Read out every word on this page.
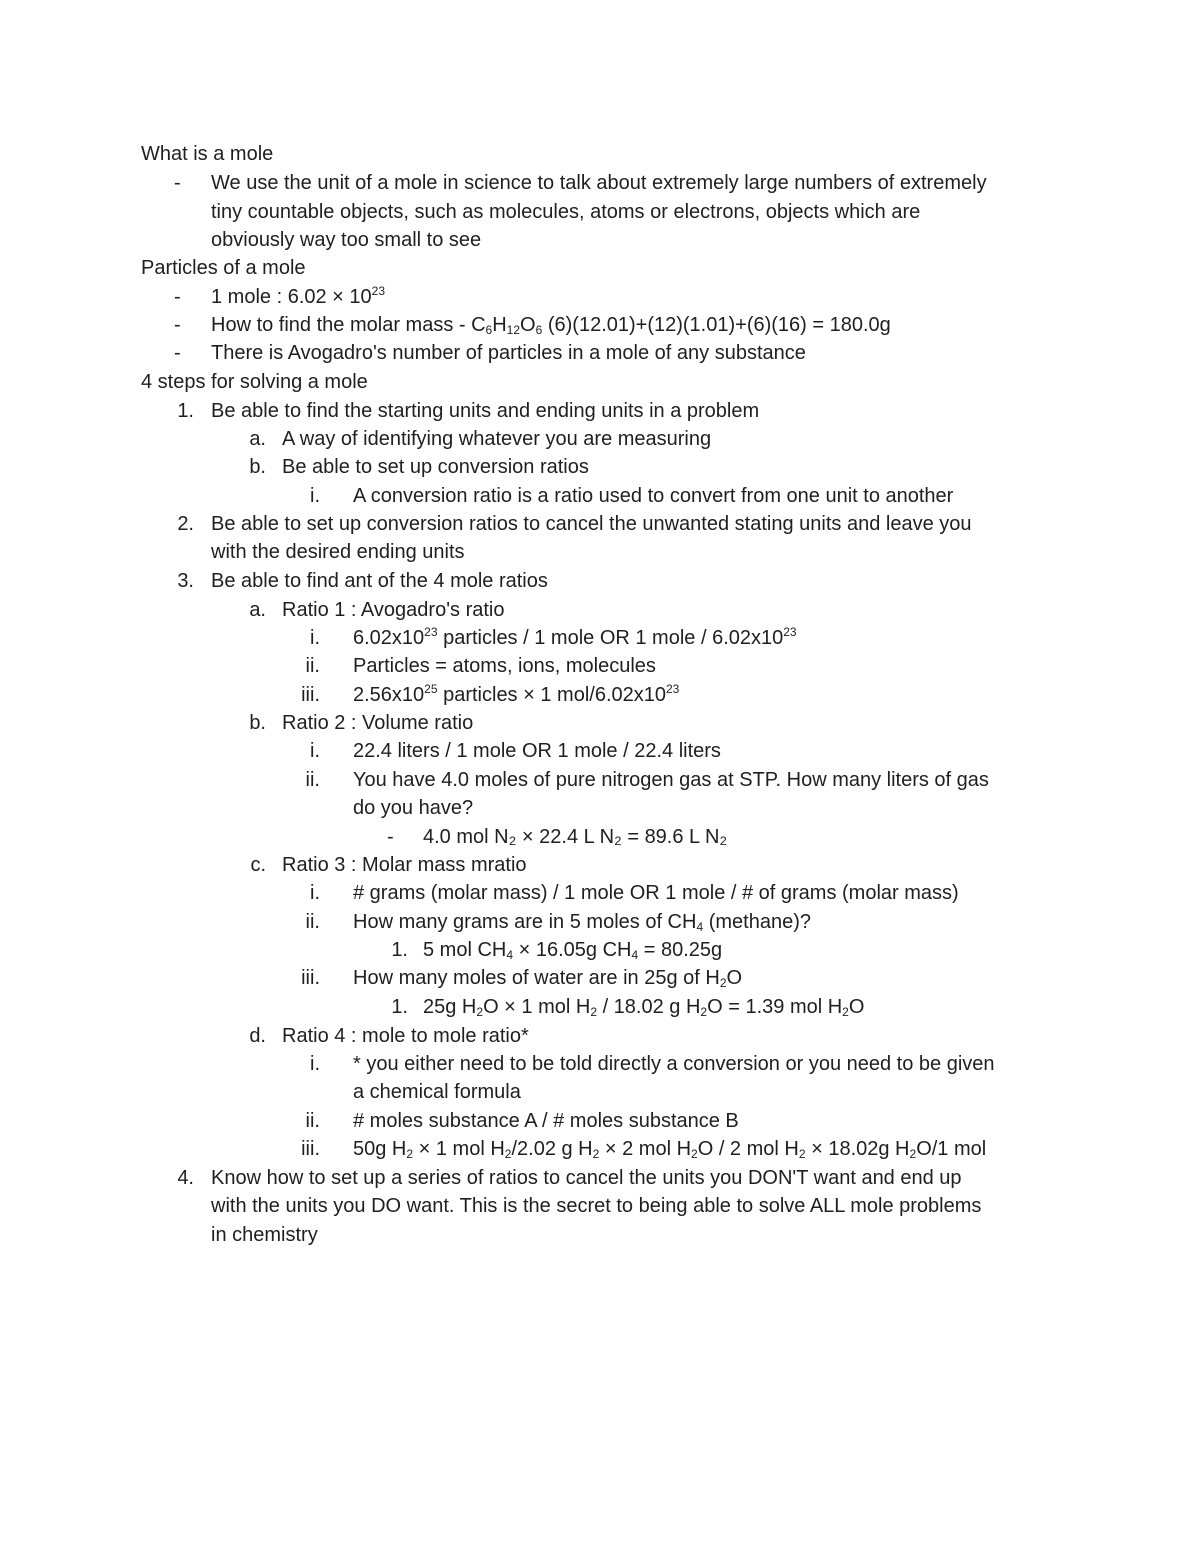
What is a mole
- We use the unit of a mole in science to talk about extremely large numbers of extremely
tiny countable objects, such as molecules, atoms or electrons, objects which are
obviously way too small to see
Particles of a mole
- 1 mole : $6.02 \times 10^{23}$
- How to find the molar mass - $C_6H_{12}O_6$ (6)(12.01)+(12)(1.01)+(6)(16) = 180.0g
- There is Avogadro's number of particles in a mole of any substance
4 steps for solving a mole
1. Be able to find the starting units and ending units in a problem
a. A way of identifying whatever you are measuring
b. Be able to set up conversion ratios
i. A conversion ratio is a ratio used to convert from one unit to another
2. Be able to set up conversion ratios to cancel the unwanted stating units and leave you
with the desired ending units
3. Be able to find ant of the 4 mole ratios
a. Ratio 1 : Avogadro's ratio
i. $6.02x10^{23}$ particles / 1 mole OR 1 mole / $6.02x10^{23}$
ii. Particles = atoms, ions, molecules
iii. $2.56x10^{25}$ particles × 1 mol/$6.02x10^{23}$
b. Ratio 2 : Volume ratio
i. 22.4 liters / 1 mole OR 1 mole / 22.4 liters
ii. You have 4.0 moles of pure nitrogen gas at STP. How many liters of gas
do you have?
- 4.0 mol N₂ × 22.4 L N₂ = 89.6 L N₂
c. Ratio 3 : Molar mass mratio
i. # grams (molar mass) / 1 mole OR 1 mole / # of grams (molar mass)
ii. How many grams are in 5 moles of $CH_4$ (methane)?
1. 5 mol $CH_4 \times 16.05g$ $CH_4 = 80.25g$
iii. How many moles of water are in 25g of $H_2O$
1. 25g $H_2O \times 1$ mol $H_2 / 18.02$ g $H_2O = 1.39$ mol $H_2O$
d. Ratio 4 : mole to mole ratio*
i. * you either need to be told directly a conversion or you need to be given
a chemical formula
ii. # moles substance A / # moles substance B
iii. 50g $H_2 \times 1$ mol $H_2/2.02$ g $H_2 \times 2$ mol $H_2O / 2$ mol $H_2 \times 18.02g$ $H_2O/1$ mol
4. Know how to set up a series of ratios to cancel the units you DON'T want and end up
with the units you DO want. This is the secret to being able to solve ALL mole problems
in chemistry
